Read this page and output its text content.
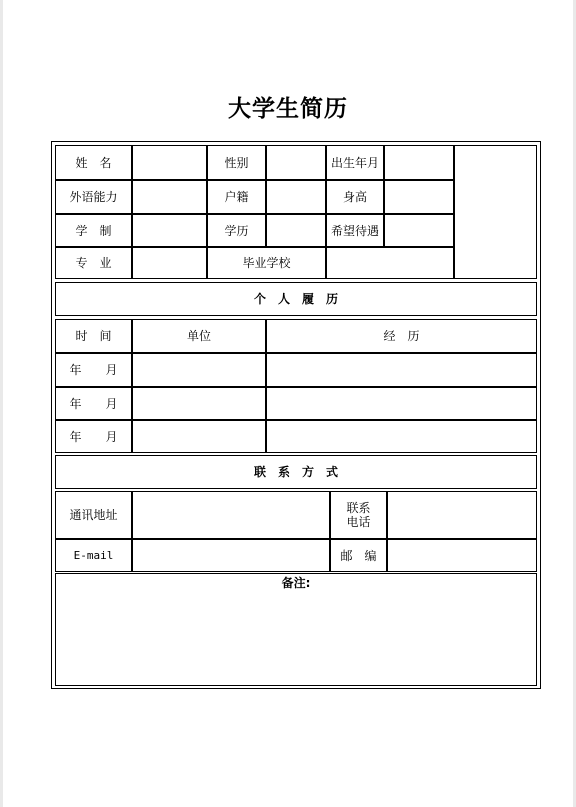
大学生简历
姓　名	性别	出生年月
外语能力	户籍	身高
学　制	学历	希望待遇
专　业	毕业学校
个　人　履　历
时　间	单位	经　历
年　　月
年　　月
年　　月
联　系　方　式
通讯地址	联系电话
E-mail	邮　编
备注:
